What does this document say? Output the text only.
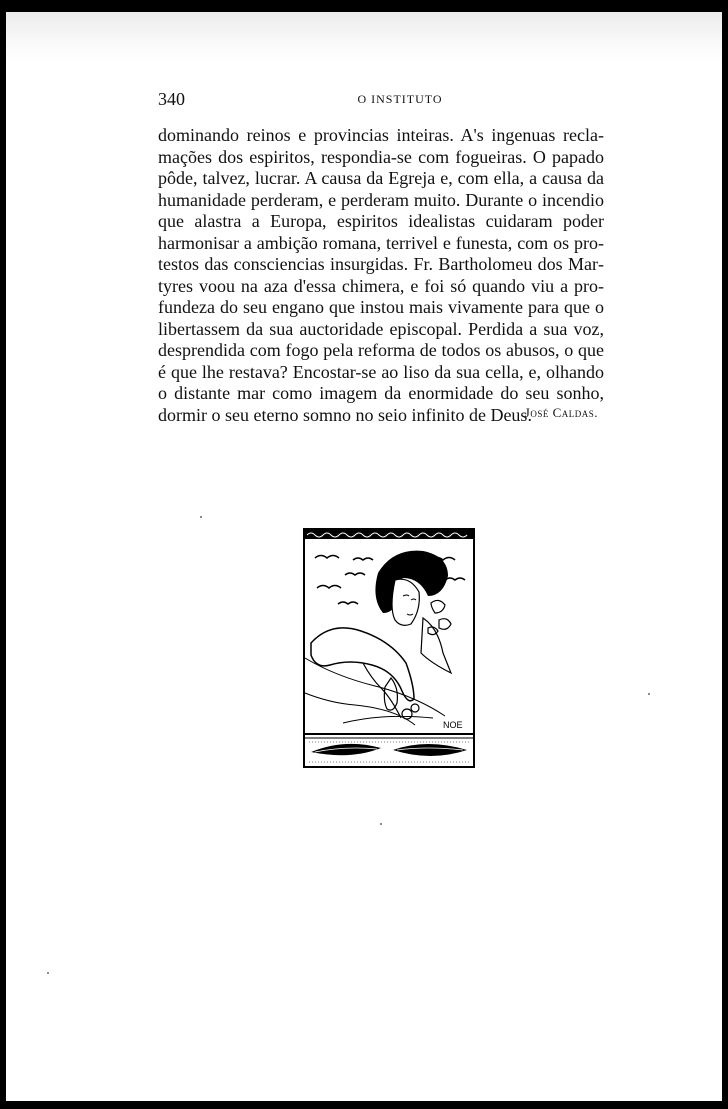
340	O INSTITUTO

dominando reinos e provincias inteiras. A's ingenuas reclamações dos espiritos, respondia-se com fogueiras. O papado pôde, talvez, lucrar. A causa da Egreja e, com ella, a causa da humanidade perderam, e perderam muito. Durante o incendio que alastra a Europa, espiritos idealistas cuidaram poder harmonisar a ambição romana, terrivel e funesta, com os protestos das consciencias insurgidas. Fr. Bartholomeu dos Martyres voou na aza d'essa chimera, e foi só quando viu a profundeza do seu engano que instou mais vivamente para que o libertassem da sua auctoridade episcopal. Perdida a sua voz, desprendida com fogo pela reforma de todos os abusos, o que é que lhe restava? Encostar-se ao liso da sua cella, e, olhando o distante mar como imagem da enormidade do seu sonho, dormir o seu eterno somno no seio infinito de Deus.

José Caldas.
NOE
